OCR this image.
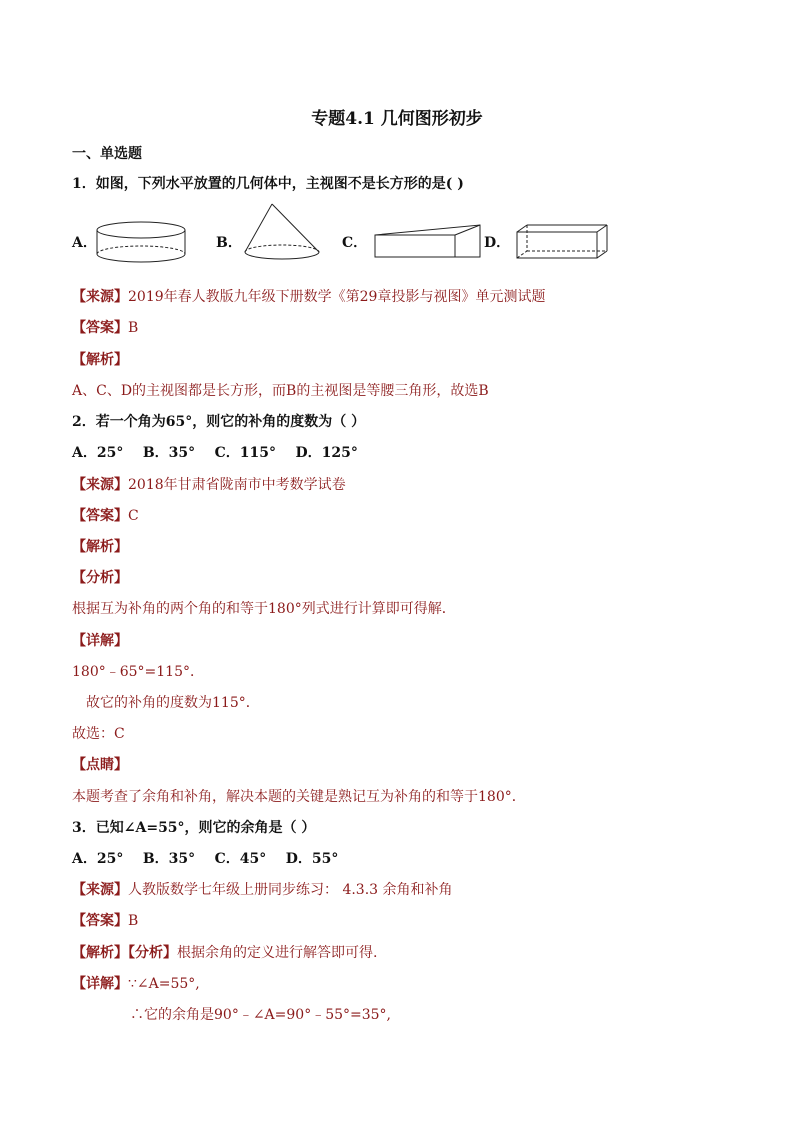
专题4.1 几何图形初步
一、单选题
1．如图，下列水平放置的几何体中，主视图不是长方形的是( )
A．	B．	C．	D．
【来源】2019年春人教版九年级下册数学《第29章投影与视图》单元测试题
【答案】B
【解析】
A、C、D的主视图都是长方形，而B的主视图是等腰三角形，故选B
2．若一个角为65°，则它的补角的度数为（ ）
A．25°    B．35°    C．115°    D．125°
【来源】2018年甘肃省陇南市中考数学试卷
【答案】C
【解析】
【分析】
根据互为补角的两个角的和等于180°列式进行计算即可得解．
【详解】
180°﹣65°=115°．
故它的补角的度数为115°．
故选：C
【点睛】
本题考查了余角和补角，解决本题的关键是熟记互为补角的和等于180°．
3．已知∠A=55°，则它的余角是（ ）
A．25°    B．35°    C．45°    D．55°
【来源】人教版数学七年级上册同步练习： 4.3.3 余角和补角
【答案】B
【解析】【分析】根据余角的定义进行解答即可得.
【详解】∵∠A=55°,
∴它的余角是90°﹣∠A=90°﹣55°=35°,
